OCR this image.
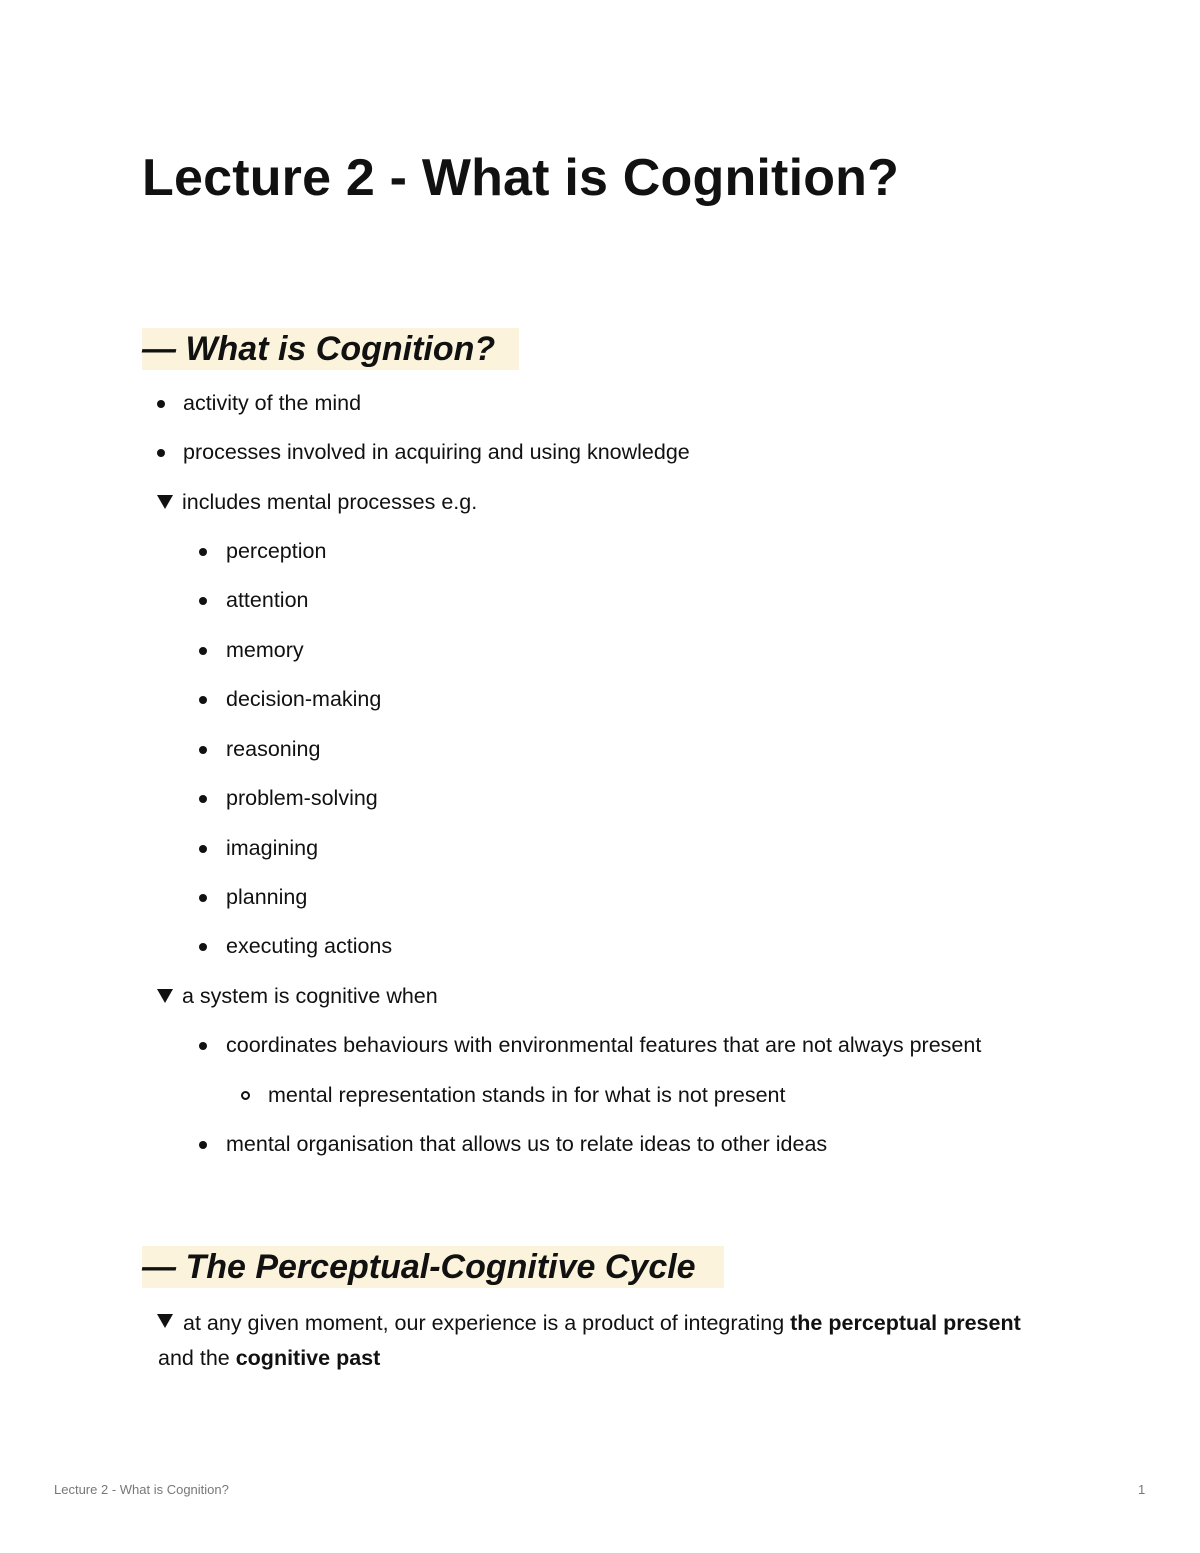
Lecture 2 - What is Cognition?
— What is Cognition?
activity of the mind
processes involved in acquiring and using knowledge
includes mental processes e.g.
perception
attention
memory
decision-making
reasoning
problem-solving
imagining
planning
executing actions
a system is cognitive when
coordinates behaviours with environmental features that are not always present
mental representation stands in for what is not present
mental organisation that allows us to relate ideas to other ideas
— The Perceptual-Cognitive Cycle

at any given moment, our experience is a product of integrating the perceptual present and the cognitive past

Lecture 2 - What is Cognition?	1
